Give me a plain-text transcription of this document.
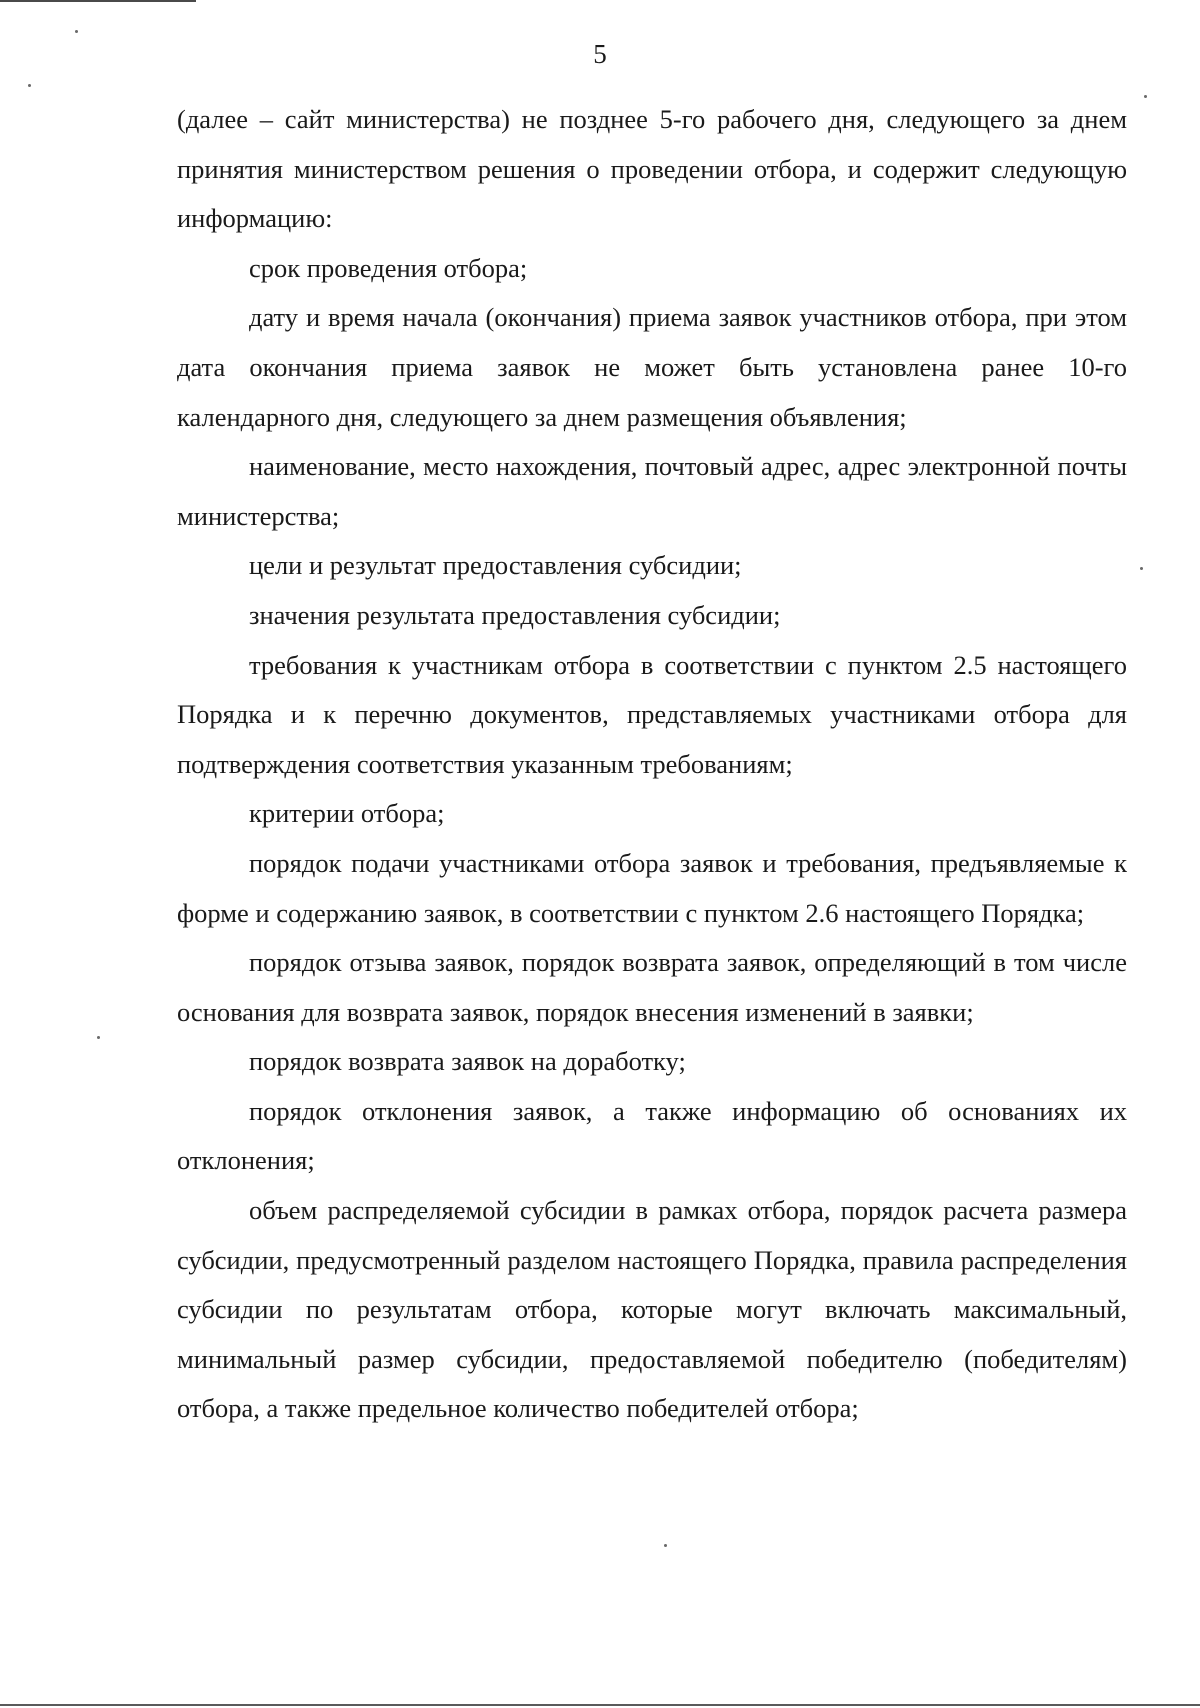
5

(далее – сайт министерства) не позднее 5-го рабочего дня, следующего за днем принятия министерством решения о проведении отбора, и содержит следующую информацию:

срок проведения отбора;

дату и время начала (окончания) приема заявок участников отбора, при этом дата окончания приема заявок не может быть установлена ранее 10-го календарного дня, следующего за днем размещения объявления;

наименование, место нахождения, почтовый адрес, адрес электронной почты министерства;

цели и результат предоставления субсидии;

значения результата предоставления субсидии;

требования к участникам отбора в соответствии с пунктом 2.5 настоящего Порядка и к перечню документов, представляемых участниками отбора для подтверждения соответствия указанным требованиям;

критерии отбора;

порядок подачи участниками отбора заявок и требования, предъявляемые к форме и содержанию заявок, в соответствии с пунктом 2.6 настоящего Порядка;

порядок отзыва заявок, порядок возврата заявок, определяющий в том числе основания для возврата заявок, порядок внесения изменений в заявки;

порядок возврата заявок на доработку;

порядок отклонения заявок, а также информацию об основаниях их отклонения;

объем распределяемой субсидии в рамках отбора, порядок расчета размера субсидии, предусмотренный разделом настоящего Порядка, правила распределения субсидии по результатам отбора, которые могут включать максимальный, минимальный размер субсидии, предоставляемой победителю (победителям) отбора, а также предельное количество победителей отбора;
